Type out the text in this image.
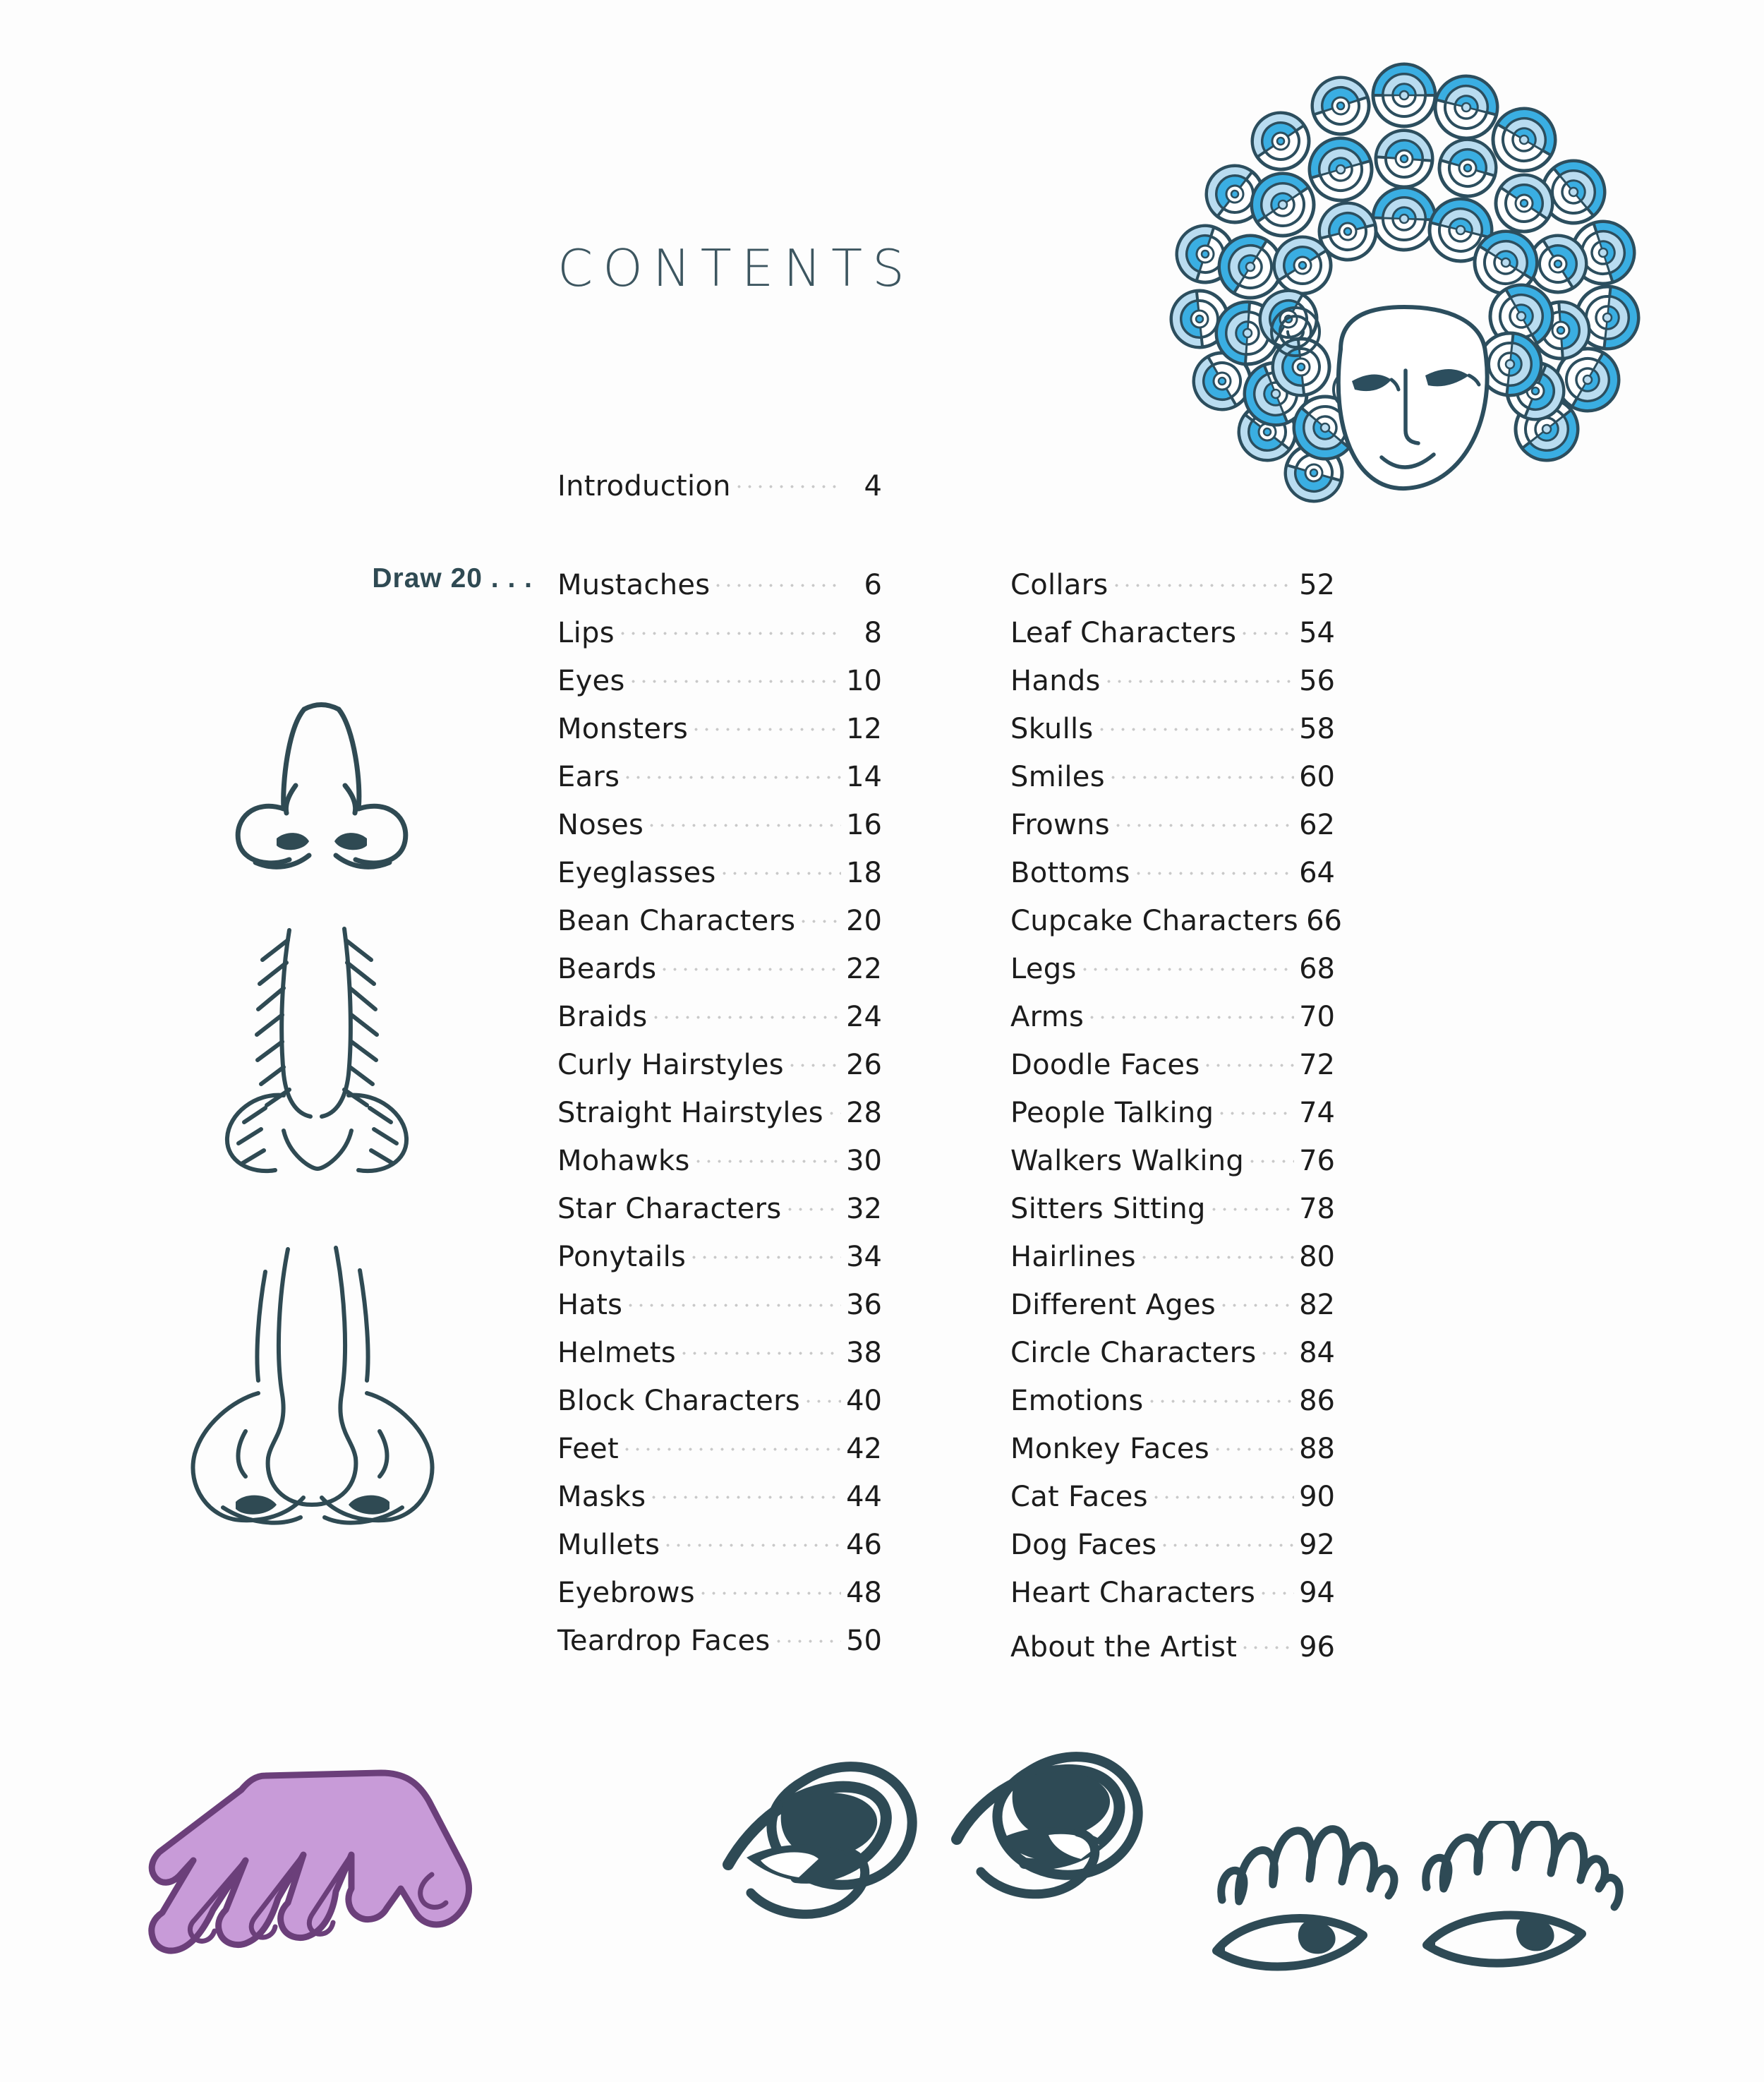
CONTENTS
Introduction	4
Draw 20 . . . Mustaches	6
Lips	8
Eyes	10
Monsters	12
Ears	14
Noses	16
Eyeglasses	18
Bean Characters 20
Beards	22
Braids	24
Curly Hairstyles 26
Straight Hairstyles 28
Mohawks	30
Star Characters 32
Ponytails	34
Hats	36
Helmets	38
Block Characters 40
Feet	42
Masks	44
Mullets	46
Eyebrows	48
Teardrop Faces	50
Collars	52
Leaf Characters 54
Hands	56
Skulls	58
Smiles	60
Frowns	62
Bottoms	64
Cupcake Characters 66
Legs	68
Arms	70
Doodle Faces	72
People Talking	74
Walkers Walking 76
Sitters Sitting	78
Hairlines	80
Different Ages	82
Circle Characters 84
Emotions	86
Monkey Faces	88
Cat Faces	90
Dog Faces	92
Heart Characters 94
About the Artist 96
